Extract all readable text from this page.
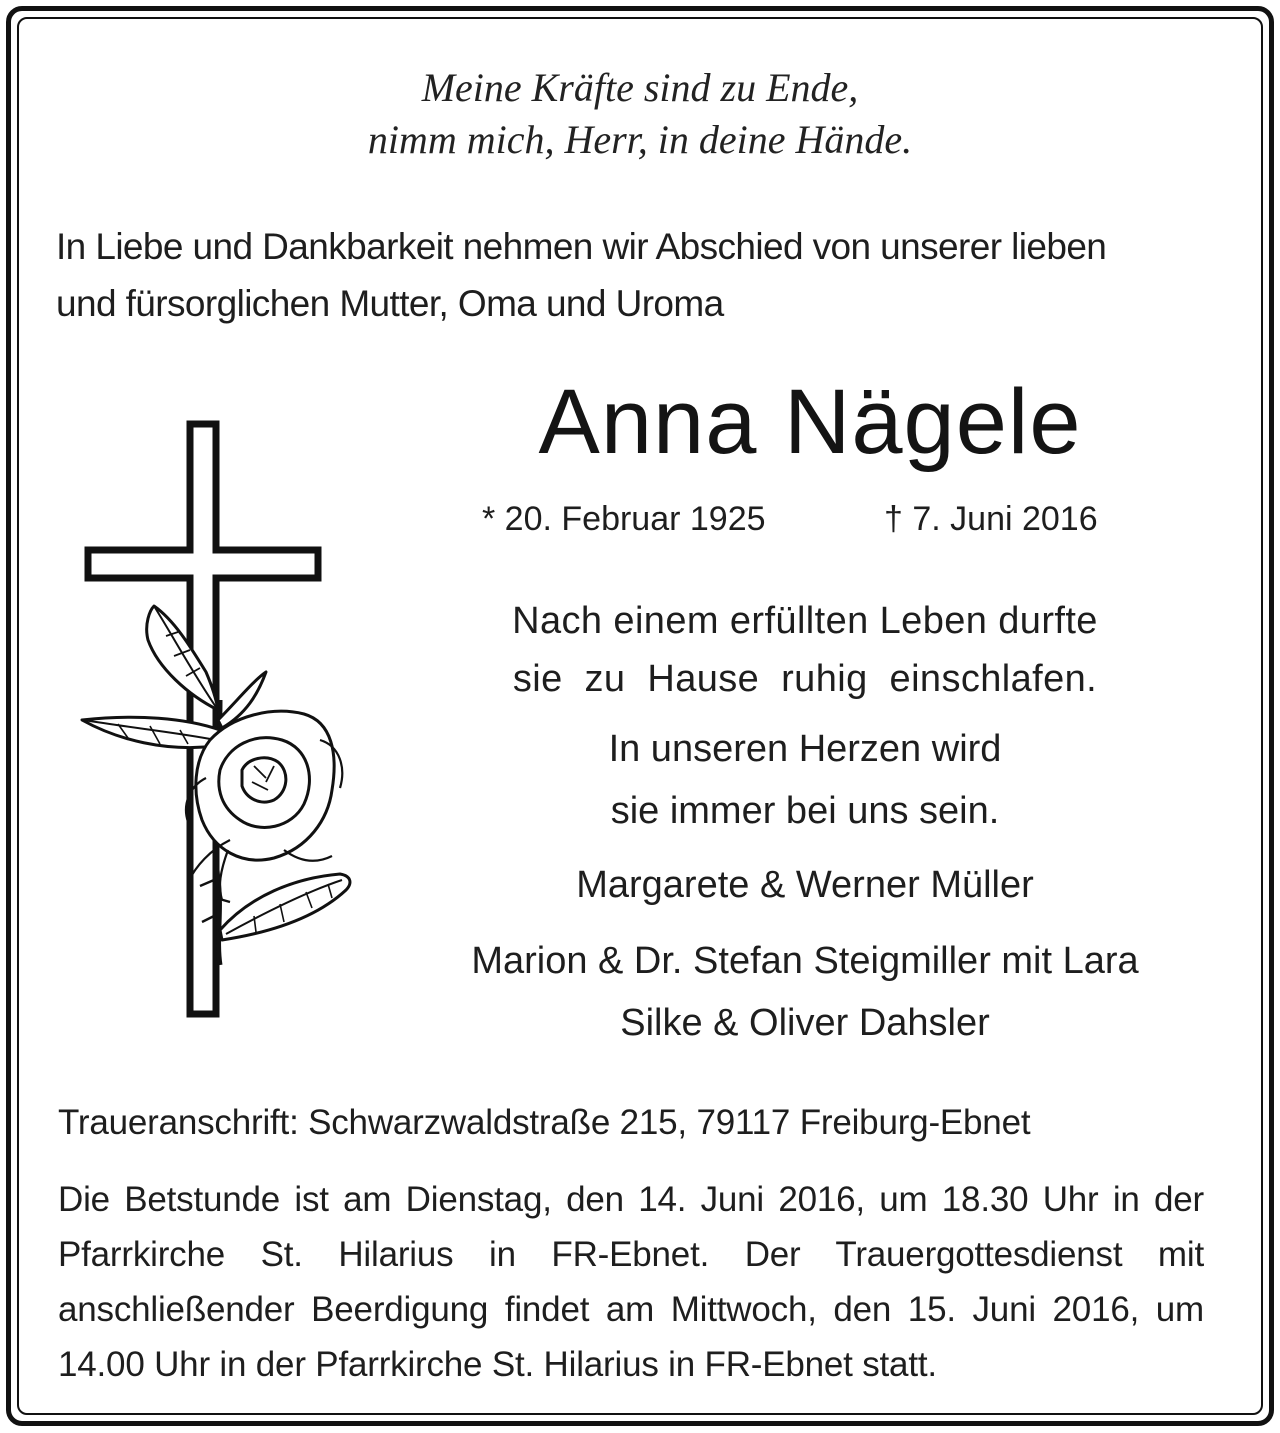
Meine Kräfte sind zu Ende,
nimm mich, Herr, in deine Hände.
In Liebe und Dankbarkeit nehmen wir Abschied von unserer lieben
und fürsorglichen Mutter, Oma und Uroma
Anna Nägele
* 20. Februar 1925	† 7. Juni 2016
Nach einem erfüllten Leben durfte
sie  zu  Hause  ruhig  einschlafen.
In unseren Herzen wird
sie immer bei uns sein.
Margarete & Werner Müller
Marion & Dr. Stefan Steigmiller mit Lara
Silke & Oliver Dahsler
Traueranschrift: Schwarzwaldstraße 215, 79117 Freiburg-Ebnet
Die Betstunde ist am Dienstag, den 14. Juni 2016, um 18.30 Uhr in der Pfarrkirche St. Hilarius in FR-Ebnet. Der Trauergottesdienst mit anschließender Beerdigung findet am Mittwoch, den 15. Juni 2016, um 14.00 Uhr in der Pfarrkirche St. Hilarius in FR-Ebnet statt.
